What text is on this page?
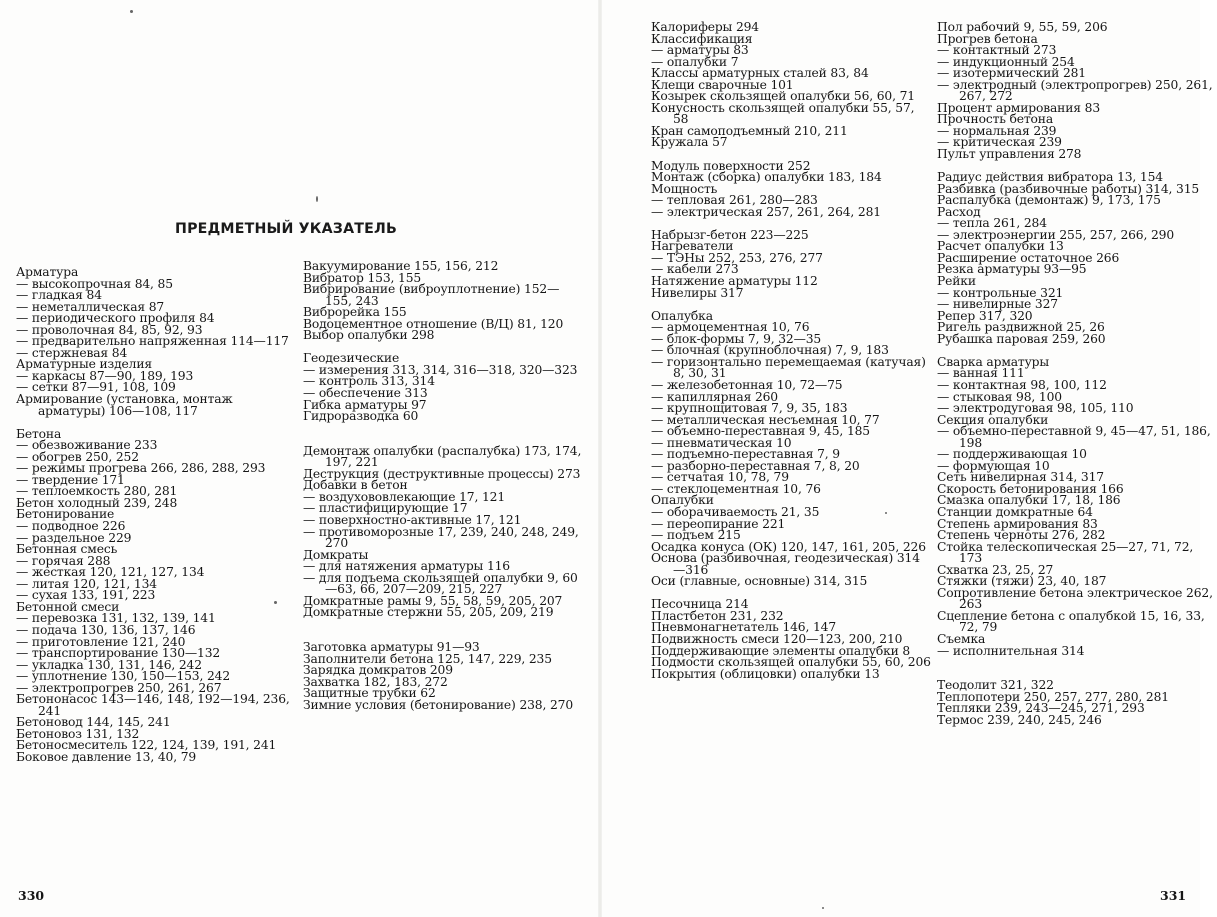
ПРЕДМЕТНЫЙ УКАЗАТЕЛЬ
Арматура
— высокопрочная 84, 85
— гладкая 84
— неметаллическая 87
— периодического профиля 84
— проволочная 84, 85, 92, 93
— предварительно напряженная 114—117
— стержневая 84
Арматурные изделия
— каркасы 87—90, 189, 193
— сетки 87—91, 108, 109
Армирование (установка, монтаж арматуры) 106—108, 117
Бетона
— обезвоживание 233
— обогрев 250, 252
— режимы прогрева 266, 286, 288, 293
— твердение 171
— теплоемкость 280, 281
Бетон холодный 239, 248
Бетонирование
— подводное 226
— раздельное 229
Бетонная смесь
— горячая 288
— жесткая 120, 121, 127, 134
— литая 120, 121, 134
— сухая 133, 191, 223
Бетонной смеси
— перевозка 131, 132, 139, 141
— подача 130, 136, 137, 146
— приготовление 121, 240
— транспортирование 130—132
— укладка 130, 131, 146, 242
— уплотнение 130, 150—153, 242
— электропрогрев 250, 261, 267
Бетононасос 143—146, 148, 192—194, 236, 241
Бетоновод 144, 145, 241
Бетоновоз 131, 132
Бетоносмеситель 122, 124, 139, 191, 241
Боковое давление 13, 40, 79
Вакуумирование 155, 156, 212
Вибратор 153, 155
Вибрирование (виброуплотнение) 152—155, 243
Виброрейка 155
Водоцементное отношение (В/Ц) 81, 120
Выбор опалубки 298
Геодезические
— измерения 313, 314, 316—318, 320—323
— контроль 313, 314
— обеспечение 313
Гибка арматуры 97
Гидроразводка 60
Демонтаж опалубки (распалубка) 173, 174, 197, 221
Деструкция (деструктивные процессы) 273
Добавки в бетон
— воздухововлекающие 17, 121
— пластифицирующие 17
— поверхностно-активные 17, 121
— противоморозные 17, 239, 240, 248, 249, 270
Домкраты
— для натяжения арматуры 116
— для подъема скользящей опалубки 9, 60—63, 66, 207—209, 215, 227
Домкратные рамы 9, 55, 58, 59, 205, 207
Домкратные стержни 55, 205, 209, 219
Заготовка арматуры 91—93
Заполнители бетона 125, 147, 229, 235
Зарядка домкратов 209
Захватка 182, 183, 272
Защитные трубки 62
Зимние условия (бетонирование) 238, 270
330
Калориферы 294
Классификация
— арматуры 83
— опалубки 7
Классы арматурных сталей 83, 84
Клещи сварочные 101
Козырек скользящей опалубки 56, 60, 71
Конусность скользящей опалубки 55, 57, 58
Кран самоподъемный 210, 211
Кружала 57
Модуль поверхности 252
Монтаж (сборка) опалубки 183, 184
Мощность
— тепловая 261, 280—283
— электрическая 257, 261, 264, 281
Набрызг-бетон 223—225
Нагреватели
— ТЭНы 252, 253, 276, 277
— кабели 273
Натяжение арматуры 112
Нивелиры 317
Опалубка
— армоцементная 10, 76
— блок-формы 7, 9, 32—35
— блочная (крупноблочная) 7, 9, 183
— горизонтально перемещаемая (катучая) 8, 30, 31
— железобетонная 10, 72—75
— капиллярная 260
— крупнощитовая 7, 9, 35, 183
— металлическая несъемная 10, 77
— объемно-переставная 9, 45, 185
— пневматическая 10
— подъемно-переставная 7, 9
— разборно-переставная 7, 8, 20
— сетчатая 10, 78, 79
— стеклоцементная 10, 76
Опалубки
— оборачиваемость 21, 35
— переопирание 221
— подъем 215
Осадка конуса (ОК) 120, 147, 161, 205, 226
Основа (разбивочная, геодезическая) 314—316
Оси (главные, основные) 314, 315
Песочница 214
Пластбетон 231, 232
Пневмонагнетатель 146, 147
Подвижность смеси 120—123, 200, 210
Поддерживающие элементы опалубки 8
Подмости скользящей опалубки 55, 60, 206
Покрытия (облицовки) опалубки 13
Пол рабочий 9, 55, 59, 206
Прогрев бетона
— контактный 273
— индукционный 254
— изотермический 281
— электродный (электропрогрев) 250, 261, 267, 272
Процент армирования 83
Прочность бетона
— нормальная 239
— критическая 239
Пульт управления 278
Радиус действия вибратора 13, 154
Разбивка (разбивочные работы) 314, 315
Распалубка (демонтаж) 9, 173, 175
Расход
— тепла 261, 284
— электроэнергии 255, 257, 266, 290
Расчет опалубки 13
Расширение остаточное 266
Резка арматуры 93—95
Рейки
— контрольные 321
— нивелирные 327
Репер 317, 320
Ригель раздвижной 25, 26
Рубашка паровая 259, 260
Сварка арматуры
— ванная 111
— контактная 98, 100, 112
— стыковая 98, 100
— электродуговая 98, 105, 110
Секция опалубки
— объемно-переставной 9, 45—47, 51, 186, 198
— поддерживающая 10
— формующая 10
Сеть нивелирная 314, 317
Скорость бетонирования 166
Смазка опалубки 17, 18, 186
Станции домкратные 64
Степень армирования 83
Степень черноты 276, 282
Стойка телескопическая 25—27, 71, 72, 173
Схватка 23, 25, 27
Стяжки (тяжи) 23, 40, 187
Сопротивление бетона электрическое 262, 263
Сцепление бетона с опалубкой 15, 16, 33, 72, 79
Съемка
— исполнительная 314
Теодолит 321, 322
Теплопотери 250, 257, 277, 280, 281
Тепляки 239, 243—245, 271, 293
Термос 239, 240, 245, 246
331
